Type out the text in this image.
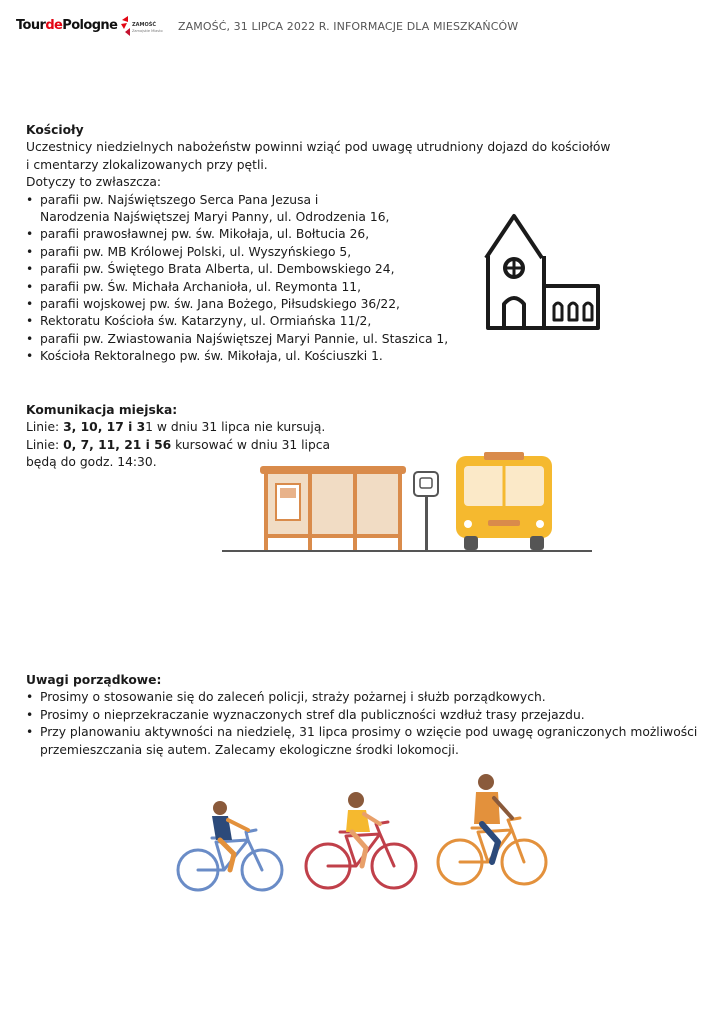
TourdePologne	ZAMOŚĆ
Zamojskie Miasto ZAMOŚĆ, 31 LIPCA 2022 R. INFORMACJE DLA MIESZKAŃCÓW
Kościoły

Uczestnicy niedzielnych nabożeństw powinni wziąć pod uwagę utrudniony dojazd do kościołów

i cmentarzy zlokalizowanych przy pętli.

Dotyczy to zwłaszcza:

• parafii pw. Najświętszego Serca Pana Jezusa i
Narodzenia Najświętszej Maryi Panny, ul. Odrodzenia 16,
• parafii prawosławnej pw. św. Mikołaja, ul. Bołtucia 26,
• parafii pw. MB Królowej Polski, ul. Wyszyńskiego 5,
• parafii pw. Świętego Brata Alberta, ul. Dembowskiego 24,
• parafii pw. Św. Michała Archanioła, ul. Reymonta 11,
• parafii wojskowej pw. św. Jana Bożego, Piłsudskiego 36/22,
• Rektoratu Kościoła św. Katarzyny, ul. Ormiańska 11/2,
• parafii pw. Zwiastowania Najświętszej Maryi Pannie, ul. Staszica 1,
• Kościoła Rektoralnego pw. św. Mikołaja, ul. Kościuszki 1.
Komunikacja miejska:

Linie: 3, 10, 17 i 31 w dniu 31 lipca nie kursują.

Linie: 0, 7, 11, 21 i 56 kursować w dniu 31 lipca

będą do godz. 14:30.

Uwagi porządkowe:
• Prosimy o stosowanie się do zaleceń policji, straży pożarnej i służb porządkowych.
• Prosimy o nieprzekraczanie wyznaczonych stref dla publiczności wzdłuż trasy przejazdu.
• Przy planowaniu aktywności na niedzielę, 31 lipca prosimy o wzięcie pod uwagę ograniczonych możliwości
przemieszczania się autem. Zalecamy ekologiczne środki lokomocji.
